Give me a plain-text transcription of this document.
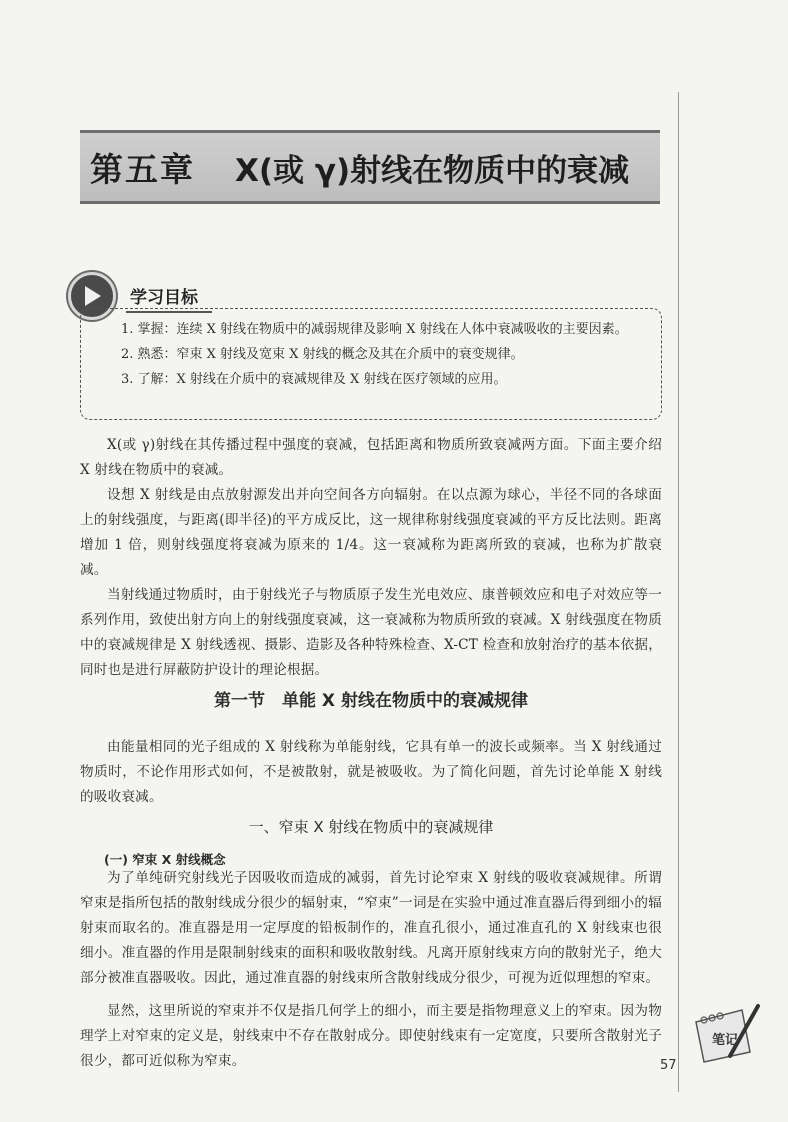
第五章 X(或 γ)射线在物质中的衰减
学习目标

1. 掌握：连续 X 射线在物质中的减弱规律及影响 X 射线在人体中衰减吸收的主要因素。

2. 熟悉：窄束 X 射线及宽束 X 射线的概念及其在介质中的衰变规律。

3. 了解：X 射线在介质中的衰减规律及 X 射线在医疗领域的应用。

X(或 γ)射线在其传播过程中强度的衰减，包括距离和物质所致衰减两方面。下面主要介绍 X 射线在物质中的衰减。

设想 X 射线是由点放射源发出并向空间各方向辐射。在以点源为球心，半径不同的各球面上的射线强度，与距离(即半径)的平方成反比，这一规律称射线强度衰减的平方反比法则。距离增加 1 倍，则射线强度将衰减为原来的 1/4。这一衰减称为距离所致的衰减，也称为扩散衰减。

当射线通过物质时，由于射线光子与物质原子发生光电效应、康普顿效应和电子对效应等一系列作用，致使出射方向上的射线强度衰减，这一衰减称为物质所致的衰减。X 射线强度在物质中的衰减规律是 X 射线透视、摄影、造影及各种特殊检查、X-CT 检查和放射治疗的基本依据，同时也是进行屏蔽防护设计的理论根据。

第一节　单能 X 射线在物质中的衰减规律

由能量相同的光子组成的 X 射线称为单能射线，它具有单一的波长或频率。当 X 射线通过物质时，不论作用形式如何，不是被散射，就是被吸收。为了简化问题，首先讨论单能 X 射线的吸收衰减。

一、窄束 X 射线在物质中的衰减规律
(一) 窄束 X 射线概念

为了单纯研究射线光子因吸收而造成的减弱，首先讨论窄束 X 射线的吸收衰减规律。所谓窄束是指所包括的散射线成分很少的辐射束，“窄束”一词是在实验中通过准直器后得到细小的辐射束而取名的。准直器是用一定厚度的铅板制作的，准直孔很小，通过准直孔的 X 射线束也很细小。准直器的作用是限制射线束的面积和吸收散射线。凡离开原射线束方向的散射光子，绝大部分被准直器吸收。因此，通过准直器的射线束所含散射线成分很少，可视为近似理想的窄束。

显然，这里所说的窄束并不仅是指几何学上的细小，而主要是指物理意义上的窄束。因为物理学上对窄束的定义是，射线束中不存在散射成分。即使射线束有一定宽度，只要所含散射光子很少，都可近似称为窄束。

笔记
57
